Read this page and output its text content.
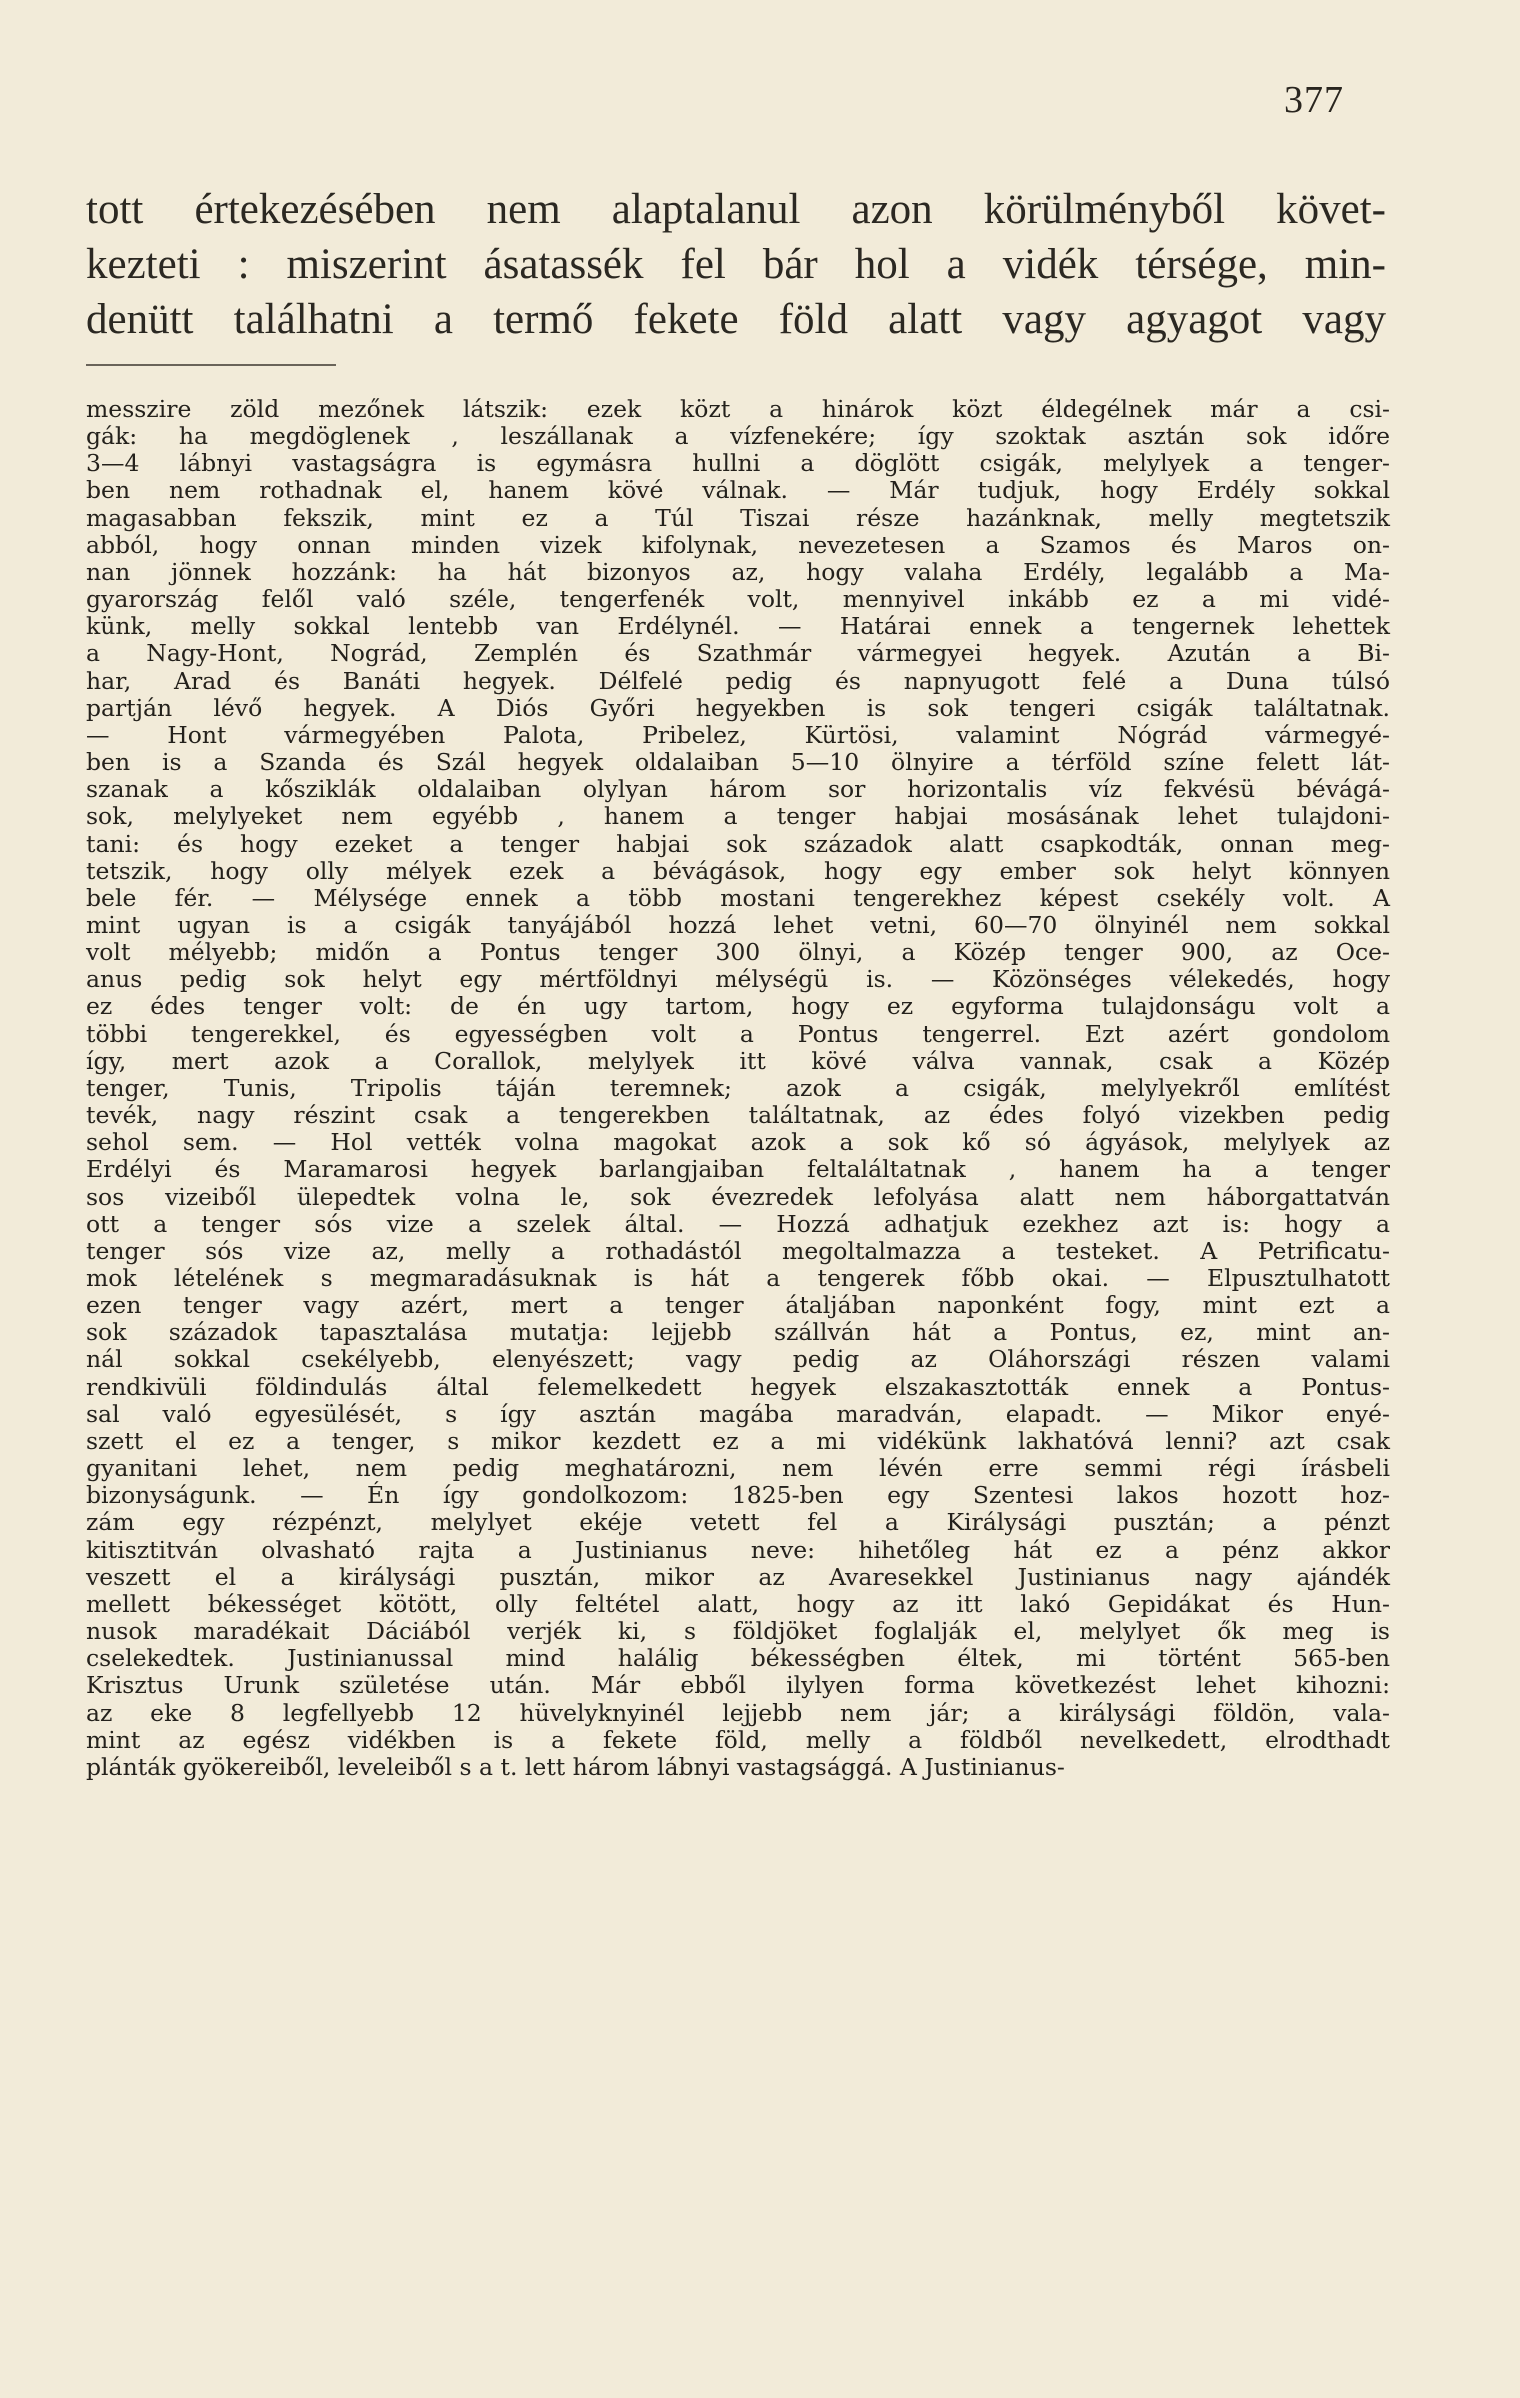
377
tott értekezésében nem alaptalanul azon körülményből követ-
kezteti : miszerint ásatassék fel bár hol a vidék térsége, min-
denütt találhatni a termő fekete föld alatt vagy agyagot vagy
messzire zöld mezőnek látszik: ezek közt a hinárok közt éldegélnek már a csi-
gák: ha megdöglenek , leszállanak a vízfenekére; így szoktak asztán sok időre
3—4 lábnyi vastagságra is egymásra hullni a döglött csigák, melylyek a tenger-
ben nem rothadnak el, hanem kövé válnak. — Már tudjuk, hogy Erdély sokkal
magasabban fekszik, mint ez a Túl Tiszai része hazánknak, melly megtetszik
abból, hogy onnan minden vizek kifolynak, nevezetesen a Szamos és Maros on-
nan jönnek hozzánk: ha hát bizonyos az, hogy valaha Erdély, legalább a Ma-
gyarország felől való széle, tengerfenék volt, mennyivel inkább ez a mi vidé-
künk, melly sokkal lentebb van Erdélynél. — Határai ennek a tengernek lehettek
a Nagy-Hont, Nográd, Zemplén és Szathmár vármegyei hegyek. Azután a Bi-
har, Arad és Banáti hegyek. Délfelé pedig és napnyugott felé a Duna túlsó
partján lévő hegyek. A Diós Győri hegyekben is sok tengeri csigák találtatnak.
— Hont vármegyében Palota, Pribelez, Kürtösi, valamint Nógrád vármegyé-
ben is a Szanda és Szál hegyek oldalaiban 5—10 ölnyire a térföld színe felett lát-
szanak a kősziklák oldalaiban olylyan három sor horizontalis víz fekvésü bévágá-
sok, melylyeket nem egyébb , hanem a tenger habjai mosásának lehet tulajdoni-
tani: és hogy ezeket a tenger habjai sok századok alatt csapkodták, onnan meg-
tetszik, hogy olly mélyek ezek a bévágások, hogy egy ember sok helyt könnyen
bele fér. — Mélysége ennek a több mostani tengerekhez képest csekély volt. A
mint ugyan is a csigák tanyájából hozzá lehet vetni, 60—70 ölnyinél nem sokkal
volt mélyebb; midőn a Pontus tenger 300 ölnyi, a Közép tenger 900, az Oce-
anus pedig sok helyt egy mértföldnyi mélységü is. — Közönséges vélekedés, hogy
ez édes tenger volt: de én ugy tartom, hogy ez egyforma tulajdonságu volt a
többi tengerekkel, és egyességben volt a Pontus tengerrel. Ezt azért gondolom
így, mert azok a Corallok, melylyek itt kövé válva vannak, csak a Közép
tenger, Tunis, Tripolis táján teremnek; azok a csigák, melylyekről említést
tevék, nagy részint csak a tengerekben találtatnak, az édes folyó vizekben pedig
sehol sem. — Hol vették volna magokat azok a sok kő só ágyások, melylyek az
Erdélyi és Maramarosi hegyek barlangjaiban feltaláltatnak , hanem ha a tenger
sos vizeiből ülepedtek volna le, sok évezredek lefolyása alatt nem háborgattatván
ott a tenger sós vize a szelek által. — Hozzá adhatjuk ezekhez azt is: hogy a
tenger sós vize az, melly a rothadástól megoltalmazza a testeket. A Petrificatu-
mok lételének s megmaradásuknak is hát a tengerek főbb okai. — Elpusztulhatott
ezen tenger vagy azért, mert a tenger átaljában naponként fogy, mint ezt a
sok századok tapasztalása mutatja: lejjebb szállván hát a Pontus, ez, mint an-
nál sokkal csekélyebb, elenyészett; vagy pedig az Oláhországi részen valami
rendkivüli földindulás által felemelkedett hegyek elszakasztották ennek a Pontus-
sal való egyesülését, s így asztán magába maradván, elapadt. — Mikor enyé-
szett el ez a tenger, s mikor kezdett ez a mi vidékünk lakhatóvá lenni? azt csak
gyanitani lehet, nem pedig meghatározni, nem lévén erre semmi régi írásbeli
bizonyságunk. — Én így gondolkozom: 1825-ben egy Szentesi lakos hozott hoz-
zám egy rézpénzt, melylyet ekéje vetett fel a Királysági pusztán; a pénzt
kitisztitván olvasható rajta a Justinianus neve: hihetőleg hát ez a pénz akkor
veszett el a királysági pusztán, mikor az Avaresekkel Justinianus nagy ajándék
mellett békességet kötött, olly feltétel alatt, hogy az itt lakó Gepidákat és Hun-
nusok maradékait Dáciából verjék ki, s földjöket foglalják el, melylyet ők meg is
cselekedtek. Justinianussal mind halálig békességben éltek, mi történt 565-ben
Krisztus Urunk születése után. Már ebből ilylyen forma következést lehet kihozni:
az eke 8 legfellyebb 12 hüvelyknyinél lejjebb nem jár; a királysági földön, vala-
mint az egész vidékben is a fekete föld, melly a földből nevelkedett, elrodthadt
plánták gyökereiből, leveleiből s a t. lett három lábnyi vastagsággá. A Justinianus-
